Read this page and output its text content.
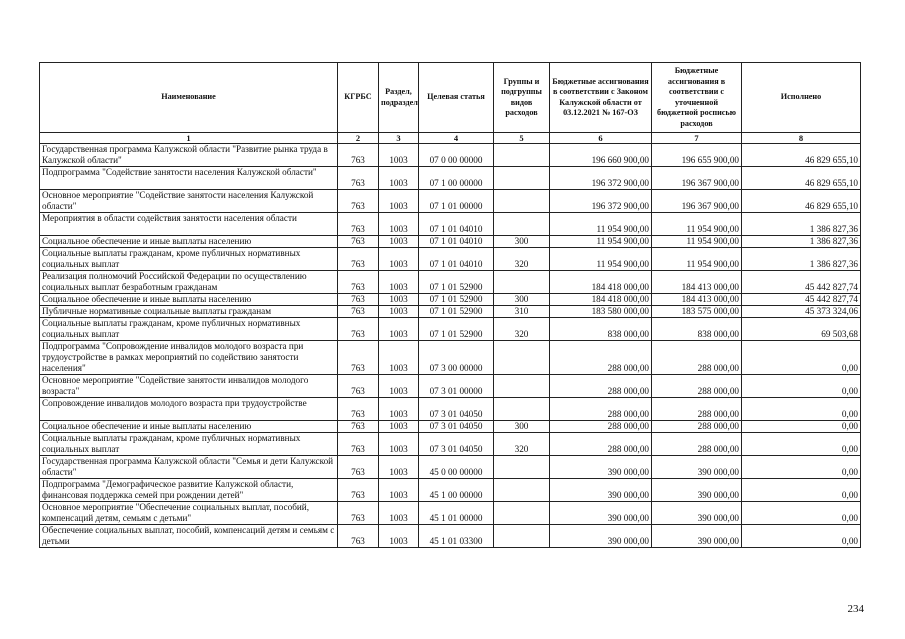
Наименование	КГРБС	Раздел, подраздел	Целевая статья	Группы и подгруппы видов расходов	Бюджетные ассигнования в соответствии с Законом Калужской области от 03.12.2021 № 167-ОЗ	Бюджетные ассигнования в соответствии с уточненной бюджетной росписью расходов	Исполнено
1	2	3	4	5	6	7	8
Государственная программа Калужской области "Развитие рынка труда в Калужской области"	763	1003	07 0 00 00000		196 660 900,00	196 655 900,00	46 829 655,10
Подпрограмма "Содействие занятости населения Калужской области"	763	1003	07 1 00 00000		196 372 900,00	196 367 900,00	46 829 655,10
Основное мероприятие "Содействие занятости населения Калужской области"	763	1003	07 1 01 00000		196 372 900,00	196 367 900,00	46 829 655,10
Мероприятия в области содействия занятости населения области	763	1003	07 1 01 04010		11 954 900,00	11 954 900,00	1 386 827,36
Социальное обеспечение и иные выплаты населению	763	1003	07 1 01 04010	300	11 954 900,00	11 954 900,00	1 386 827,36
Социальные выплаты гражданам, кроме публичных нормативных социальных выплат	763	1003	07 1 01 04010	320	11 954 900,00	11 954 900,00	1 386 827,36
Реализация полномочий Российской Федерации по осуществлению социальных выплат безработным гражданам	763	1003	07 1 01 52900		184 418 000,00	184 413 000,00	45 442 827,74
Социальное обеспечение и иные выплаты населению	763	1003	07 1 01 52900	300	184 418 000,00	184 413 000,00	45 442 827,74
Публичные нормативные социальные выплаты гражданам	763	1003	07 1 01 52900	310	183 580 000,00	183 575 000,00	45 373 324,06
Социальные выплаты гражданам, кроме публичных нормативных социальных выплат	763	1003	07 1 01 52900	320	838 000,00	838 000,00	69 503,68
Подпрограмма "Сопровождение инвалидов молодого возраста при трудоустройстве в рамках мероприятий по содействию занятости населения"	763	1003	07 3 00 00000		288 000,00	288 000,00	0,00
Основное мероприятие "Содействие занятости инвалидов молодого возраста"	763	1003	07 3 01 00000		288 000,00	288 000,00	0,00
Сопровождение инвалидов молодого возраста при трудоустройстве	763	1003	07 3 01 04050		288 000,00	288 000,00	0,00
Социальное обеспечение и иные выплаты населению	763	1003	07 3 01 04050	300	288 000,00	288 000,00	0,00
Социальные выплаты гражданам, кроме публичных нормативных социальных выплат	763	1003	07 3 01 04050	320	288 000,00	288 000,00	0,00
Государственная программа Калужской области "Семья и дети Калужской области"	763	1003	45 0 00 00000		390 000,00	390 000,00	0,00
Подпрограмма "Демографическое развитие Калужской области, финансовая поддержка семей при рождении детей"	763	1003	45 1 00 00000		390 000,00	390 000,00	0,00
Основное мероприятие "Обеспечение социальных выплат, пособий, компенсаций детям, семьям с детьми"	763	1003	45 1 01 00000		390 000,00	390 000,00	0,00
Обеспечение социальных выплат, пособий, компенсаций детям и семьям с детьми	763	1003	45 1 01 03300		390 000,00	390 000,00	0,00
234
